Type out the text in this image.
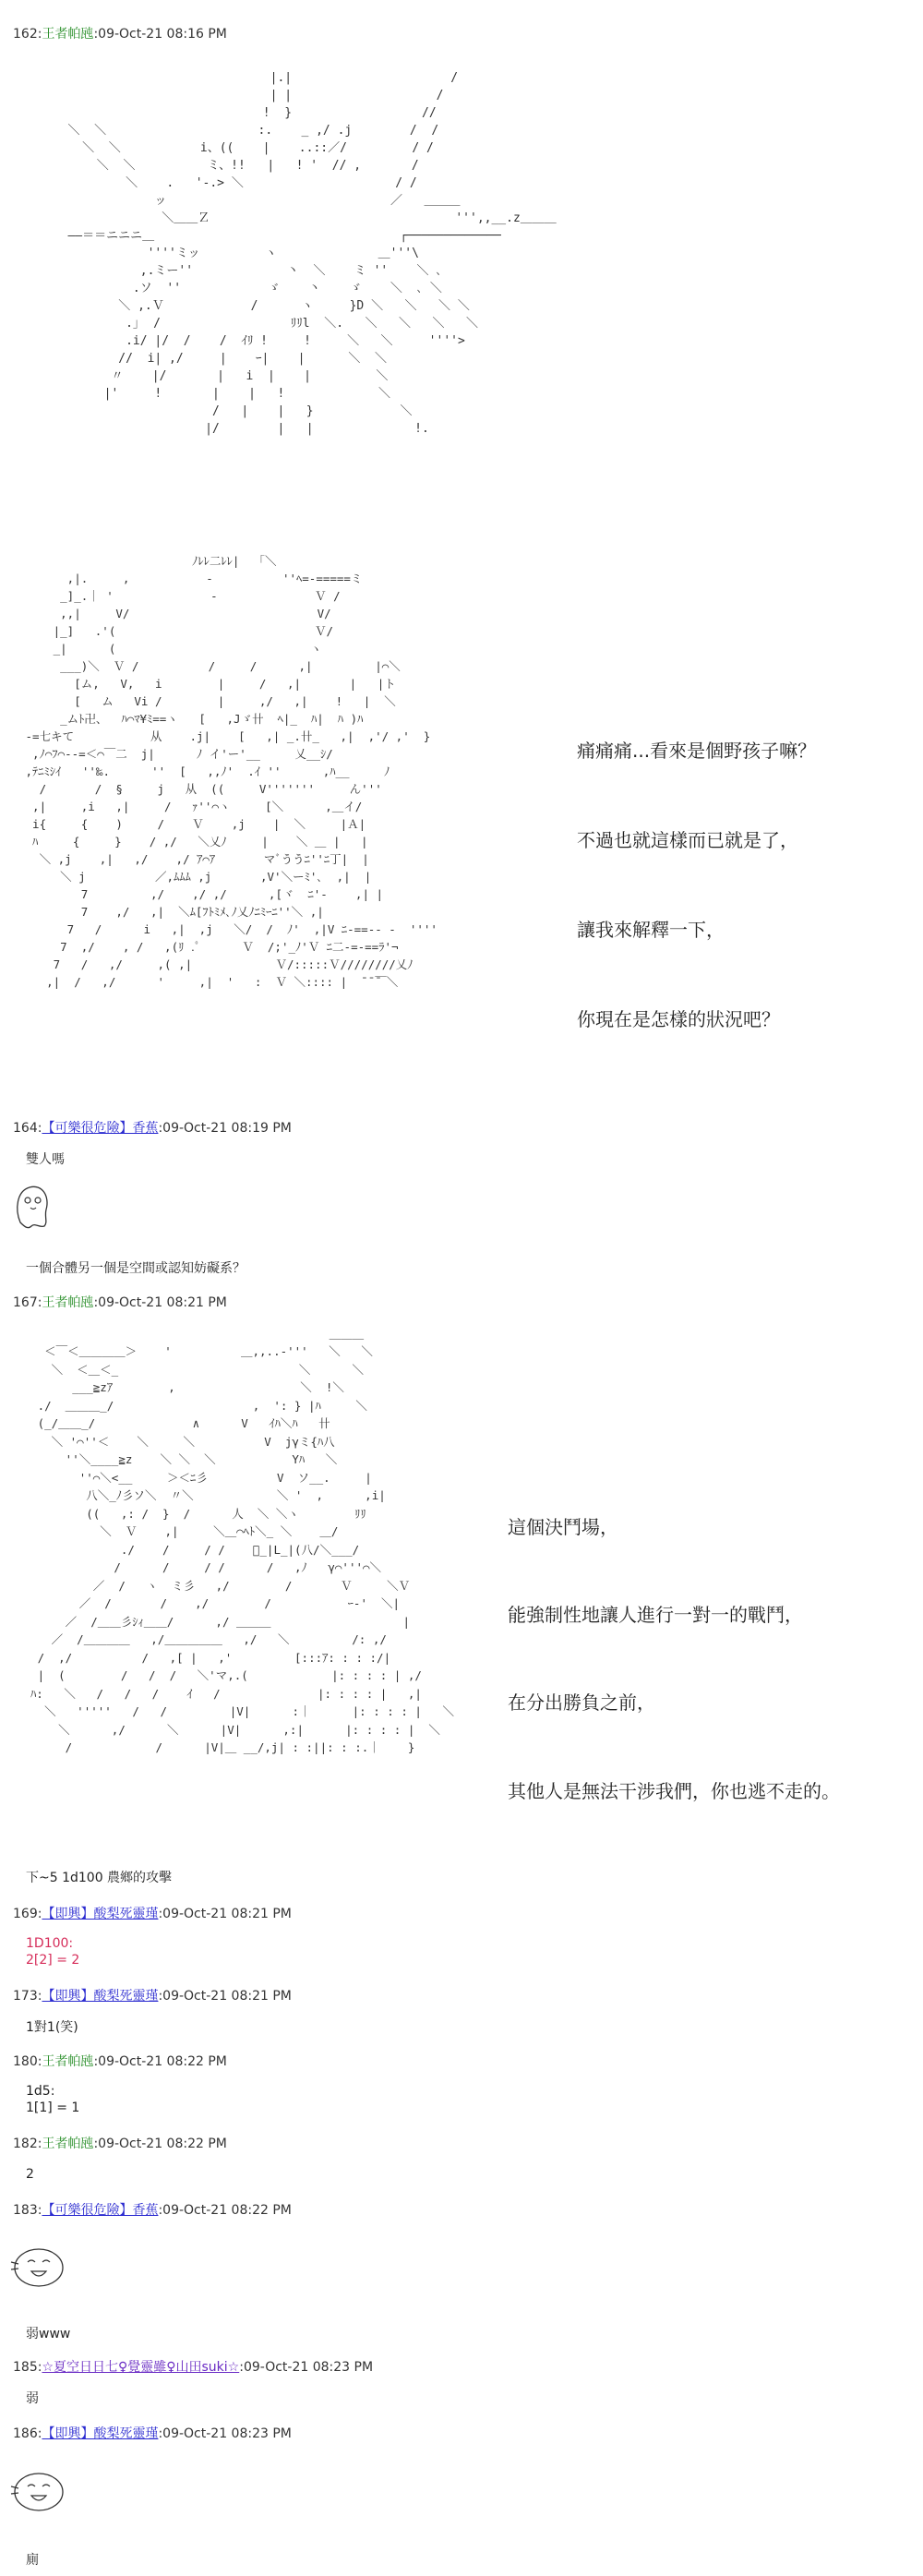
162:王者帕瓲:09-Oct-21 08:16 PM
|.|                      /
| |                    /
!  }                  //
＼  ＼                     :.    _ ,/ .j        /  /
＼  ＼           i、((    |    ..::／/         / /
＼  ＼          ミ、!!   |   ! '  // ,       /
＼    .   '-.> ＼                     / /
ッ                               ／   ＿＿＿
＼＿＿Ｚ                                  ''',,__.z＿＿＿
――＝＝ニニニ＿                                  ┌─────────────
''''ミッ         ヽ              ＿'''\
,.ミー''             丶  ＼    ミ ''    ＼ ､
.ソ  ''            ゞ    丶    ゞ    ＼  ､ ＼
＼ ,.Ｖ            /      ヽ     }D ＼   ＼   ＼ ＼
.｣  /                  ﾘﾘl  ＼.   ＼   ＼   ＼   ＼
.i/ |/  /    /  ｲﾘ !     !     ＼   ＼     ''''>
//  i| ,/     |    ｰ|    |      ＼  ＼
〃    |/       |   i  |    |         ＼
|'     !       |    |   !             ＼
/   |    |   }            ＼
|/        |   |              !.

ﾉﾚﾚ二ﾚﾚ|  「＼
,|.     ,           ‐          ''ﾍ=-=====ミ
_]_.｜ '              ‐              Ｖ /
,,|     V/                           V/
|_]   .'(                           　Ｖ/
_|      (                            ヽ
___)＼  Ｖ /          /     /      ,|         |⌒＼
[ム,   V,   i        |     /   ,|       |   |ト
[   ム   Vi /        |     ,/   ,|    !   |  ＼
_ムﾄ卍、  ﾊ⌒ﾏ¥ﾐ==ヽ   [   ,Jゞ卄  ﾍ|_  ﾊ|  ﾊ )ﾊ
-=七キて           从    .j|    [   ,| _.卄_   ,|  ,'/ ,'  }
,ﾉ⌒ﾌ⌒-‐=＜⌒￣二  j|      ﾉ イ'ー'__     乂__ｼ/
,ﾃﾆﾐｼｲ   ''‰.      ''  [   ,,ﾉ'  .ｲ ''      ,ﾊ__     ﾉ
/       /  §     j   从  ((     V'''''''     ん'''
,|     ,i   ,|     /   ｧ''⌒ヽ     [＼      ,＿イ/
i{     {    )     /    Ｖ    ,j    |  ＼     |Ａ|
ﾊ     {     }    / ,/   ＼乂ﾉ     |    ＼ ＿ |   |
＼ ,j    ,|   ,/    ,/ ｱ⌒ｱ       マﾞううﾆ''ﾆ丁|  |
＼ j          ／,ﾑﾑﾑ ,j       ,V'＼ーﾐ'､  ,|  |
7         ,/    ,/ ,/      ,[ヾ  ﾆ'‐    ,| |
7    ,/   ,|  ＼ﾑ[ﾌﾄﾐﾒ､ﾉ乂ﾉﾆﾐｰﾆ''＼ ,|
7   /      i   ,|  ,j   ＼/  /  ﾉ'  ,|V ﾆ-==-‐ ‐  ''''
7  ,/    , /   ,(ﾘ .ﾟ      Ｖ  /;'_ﾉ'Ｖ ﾆ二‐=‐==ﾗ'¬
7   /   ,/     ,( ,|            Ｖ/:::::Ｖ////////乂ﾉ
,|  /   ,/      '     ,|  '   :  Ｖ ＼:::: |  ̄ ̄ ̄￣＼

痛痛痛...看來是個野孩子嘛？
不過也就這樣而已就是了，
讓我來解釋一下，
你現在是怎樣的狀況吧？
164:【可樂很危險】香蕉:09-Oct-21 08:19 PM
雙人嗎
一個合體另一個是空間或認知妨礙系？
167:王者帕瓲:09-Oct-21 08:21 PM
＿＿＿
＜￣＜＿＿＿＿＞    '          ＿,,..-'''   ＼   ＼
＼  ＜＿＜_                          ＼      ＼
___≧zｱ        ,                  ＼  !＼
./  ＿＿＿_/                    ,  ': } |ﾊ     ＼
(_/＿＿_/              ∧      V   ｲﾊ＼ﾊ   卄
＼ '⌒''＜    ＼     ＼          V  jγミ{ﾊ八
''＼____≧z    ＼ ＼  ＼           Yﾊ   ＼
''⌒＼<__     ＞＜ﾆ彡          V  ソ__.     |
八＼_ﾉ彡ソ＼  〃＼            ＼ '  ,      ,i|
((   ,: /  }  /      人  ＼ ＼ヽ        ﾘﾘ
＼  Ｖ    ,|     ＼＿⌒ﾍﾄ＼_ ＼    ＿/
./    /     / /    ﾟ_|L_|(八/＼___/
/      /     / /      /   ,ﾉ   γ⌒'''⌒＼
／  /   ヽ  ミ彡   ,/        /       Ｖ     ＼Ｖ
／  /       /    ,/        /           ｰ‐'  ＼|
／  /＿＿彡ｼｨ＿＿/      ,/ ＿＿＿                   |
／  /＿＿＿＿   ,/＿＿＿＿＿   ,/   ＼         /: ,/
/  ,/          /   ,[ |   ,'         [:::ｱ: : : :/|
|  (        /   /  /   ＼'マ,.(            |: : : : | ,/
ﾊ:   ＼   /   /   /    ｲ   /              |: : : : |   ,|
＼   '''''   /   /         |V|      :｜      |: : : : |   ＼
＼      ,/      ＼      |V|      ,:|      |: : : : |  ＼
/            /      |V|＿ __/,j| : :||: : :.｜    }

這個決鬥場，
能強制性地讓人進行一對一的戰鬥，
在分出勝負之前，
其他人是無法干涉我們，你也逃不走的。
下~5 1d100 農鄉的攻擊
169:【即興】酸梨死靈瑾:09-Oct-21 08:21 PM
1D100:
2[2] = 2
173:【即興】酸梨死靈瑾:09-Oct-21 08:21 PM
1對1(笑)
180:王者帕瓲:09-Oct-21 08:22 PM
1d5:
1[1] = 1
182:王者帕瓲:09-Oct-21 08:22 PM
2
183:【可樂很危險】香蕉:09-Oct-21 08:22 PM
弱www
185:☆夏空日日七♀覺靈雖♀山田suki☆:09-Oct-21 08:23 PM
弱
186:【即興】酸梨死靈瑾:09-Oct-21 08:23 PM
廁
